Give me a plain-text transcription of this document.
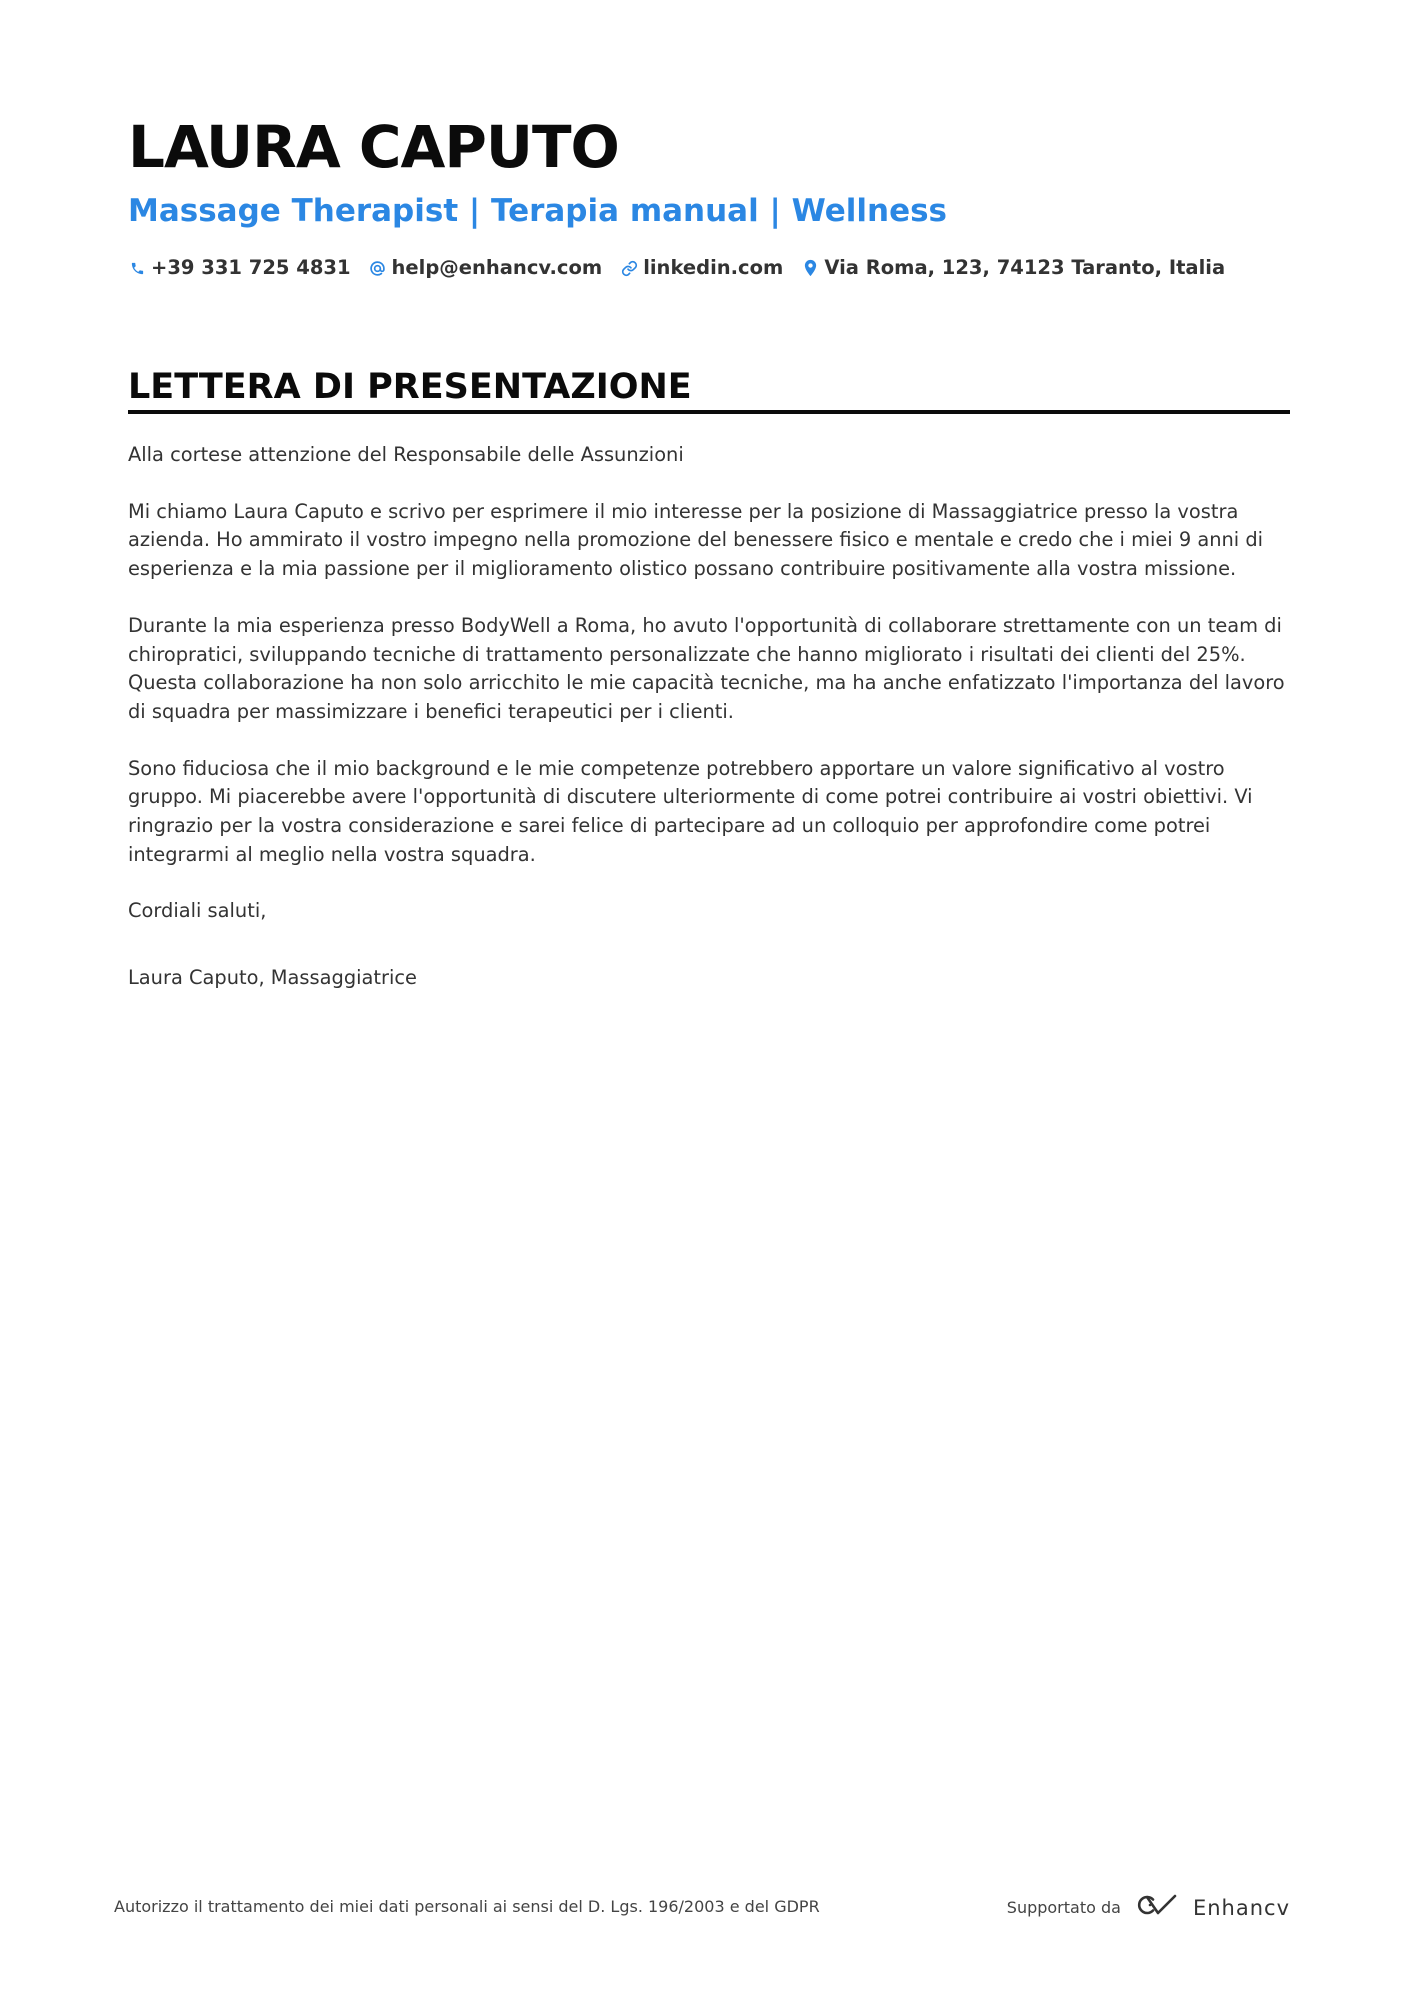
LAURA CAPUTO
Massage Therapist | Terapia manual | Wellness
+39 331 725 4831 help@enhancv.com linkedin.com Via Roma, 123, 74123 Taranto, Italia
LETTERA DI PRESENTAZIONE

Alla cortese attenzione del Responsabile delle Assunzioni

Mi chiamo Laura Caputo e scrivo per esprimere il mio interesse per la posizione di Massaggiatrice presso la vostra azienda. Ho ammirato il vostro impegno nella promozione del benessere fisico e mentale e credo che i miei 9 anni di esperienza e la mia passione per il miglioramento olistico possano contribuire positivamente alla vostra missione.

Durante la mia esperienza presso BodyWell a Roma, ho avuto l'opportunità di collaborare strettamente con un team di chiropratici, sviluppando tecniche di trattamento personalizzate che hanno migliorato i risultati dei clienti del 25%. Questa collaborazione ha non solo arricchito le mie capacità tecniche, ma ha anche enfatizzato l'importanza del lavoro di squadra per massimizzare i benefici terapeutici per i clienti.

Sono fiduciosa che il mio background e le mie competenze potrebbero apportare un valore significativo al vostro gruppo. Mi piacerebbe avere l'opportunità di discutere ulteriormente di come potrei contribuire ai vostri obiettivi. Vi ringrazio per la vostra considerazione e sarei felice di partecipare ad un colloquio per approfondire come potrei integrarmi al meglio nella vostra squadra.

Cordiali saluti,

Laura Caputo, Massaggiatrice

Autorizzo il trattamento dei miei dati personali ai sensi del D. Lgs. 196/2003 e del GDPR	Supportato da	Enhancv
